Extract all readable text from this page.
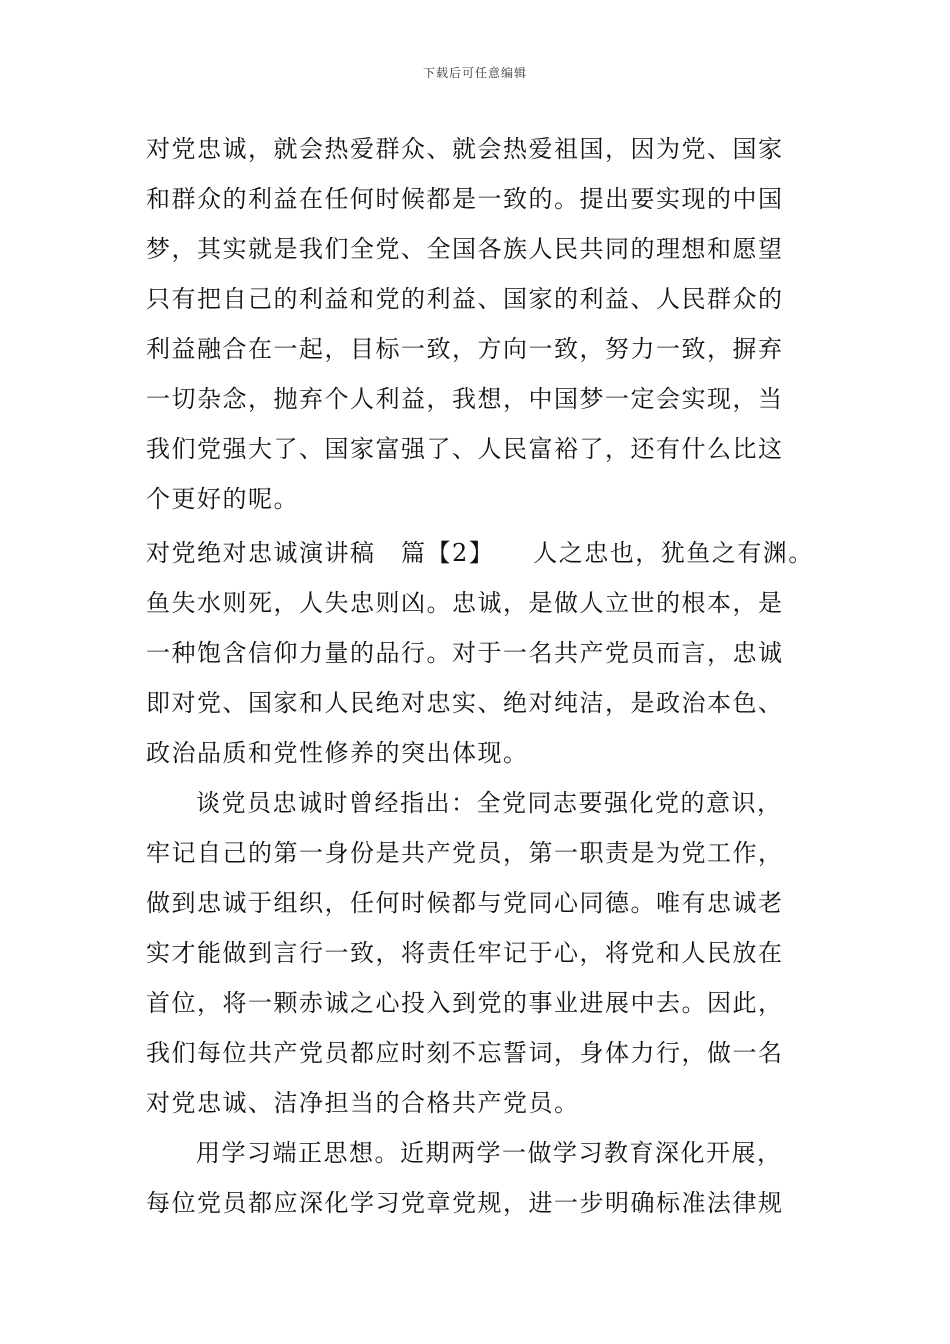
下载后可任意编辑
对党忠诚，就会热爱群众、就会热爱祖国，因为党、国家
和群众的利益在任何时候都是一致的。提出要实现的中国
梦，其实就是我们全党、全国各族人民共同的理想和愿望
只有把自己的利益和党的利益、国家的利益、人民群众的
利益融合在一起，目标一致，方向一致，努力一致，摒弃
一切杂念，抛弃个人利益，我想，中国梦一定会实现，当
我们党强大了、国家富强了、人民富裕了，还有什么比这
个更好的呢。
对党绝对忠诚演讲稿　篇【2】　　人之忠也，犹鱼之有渊。
鱼失水则死，人失忠则凶。忠诚，是做人立世的根本，是
一种饱含信仰力量的品行。对于一名共产党员而言，忠诚
即对党、国家和人民绝对忠实、绝对纯洁，是政治本色、
政治品质和党性修养的突出体现。
谈党员忠诚时曾经指出：全党同志要强化党的意识，
牢记自己的第一身份是共产党员，第一职责是为党工作，
做到忠诚于组织，任何时候都与党同心同德。唯有忠诚老
实才能做到言行一致，将责任牢记于心，将党和人民放在
首位，将一颗赤诚之心投入到党的事业进展中去。因此，
我们每位共产党员都应时刻不忘誓词，身体力行，做一名
对党忠诚、洁净担当的合格共产党员。
用学习端正思想。近期两学一做学习教育深化开展，
每位党员都应深化学习党章党规，进一步明确标准法律规
